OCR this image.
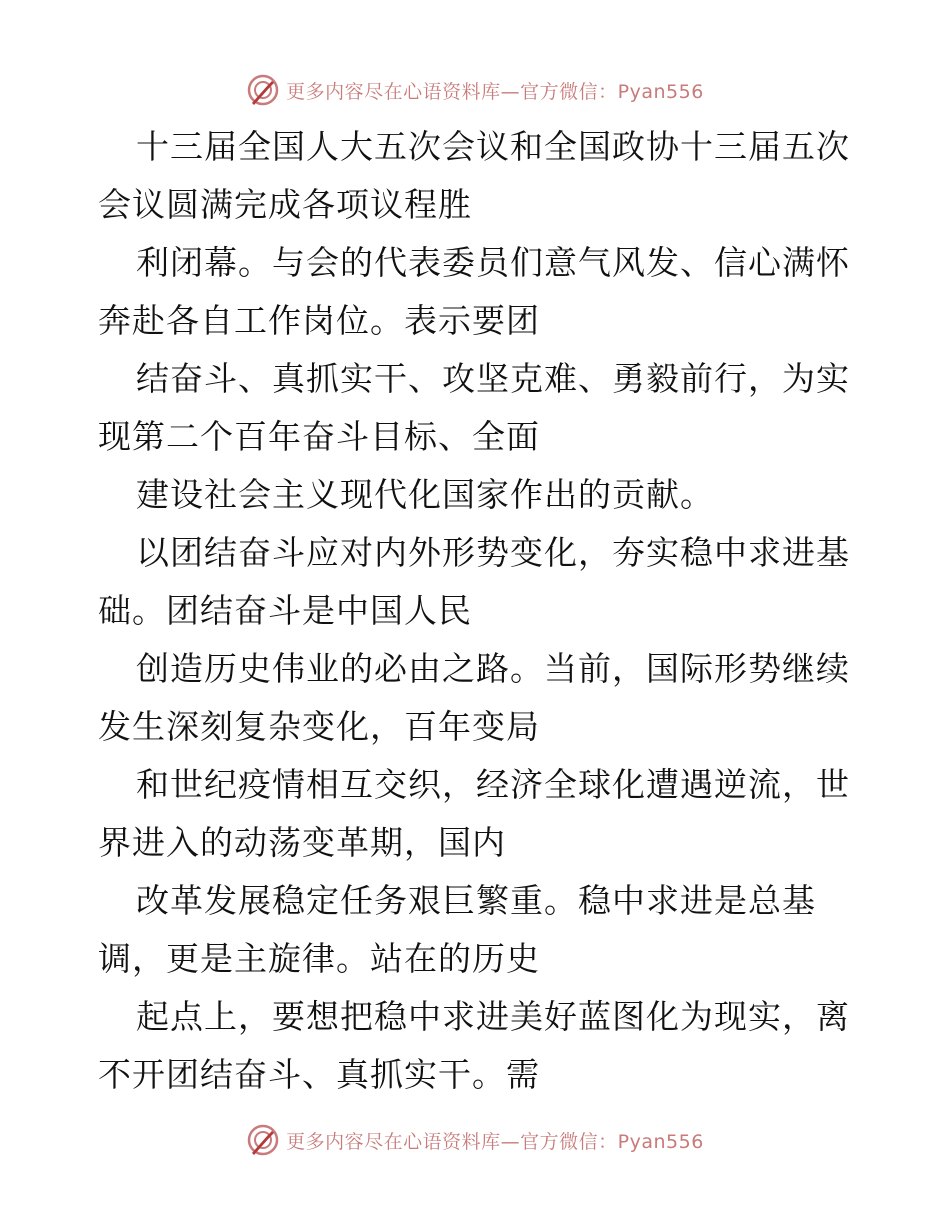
更多内容尽在心语资料库—官方微信：Pyan556

十三届全国人大五次会议和全国政协十三届五次
会议圆满完成各项议程胜

利闭幕。与会的代表委员们意气风发、信心满怀
奔赴各自工作岗位。表示要团

结奋斗、真抓实干、攻坚克难、勇毅前行，为实
现第二个百年奋斗目标、全面

建设社会主义现代化国家作出的贡献。

以团结奋斗应对内外形势变化，夯实稳中求进基
础。团结奋斗是中国人民

创造历史伟业的必由之路。当前，国际形势继续
发生深刻复杂变化，百年变局

和世纪疫情相互交织，经济全球化遭遇逆流，世
界进入的动荡变革期，国内

改革发展稳定任务艰巨繁重。稳中求进是总基
调，更是主旋律。站在的历史

起点上，要想把稳中求进美好蓝图化为现实，离
不开团结奋斗、真抓实干。需

更多内容尽在心语资料库—官方微信：Pyan556
